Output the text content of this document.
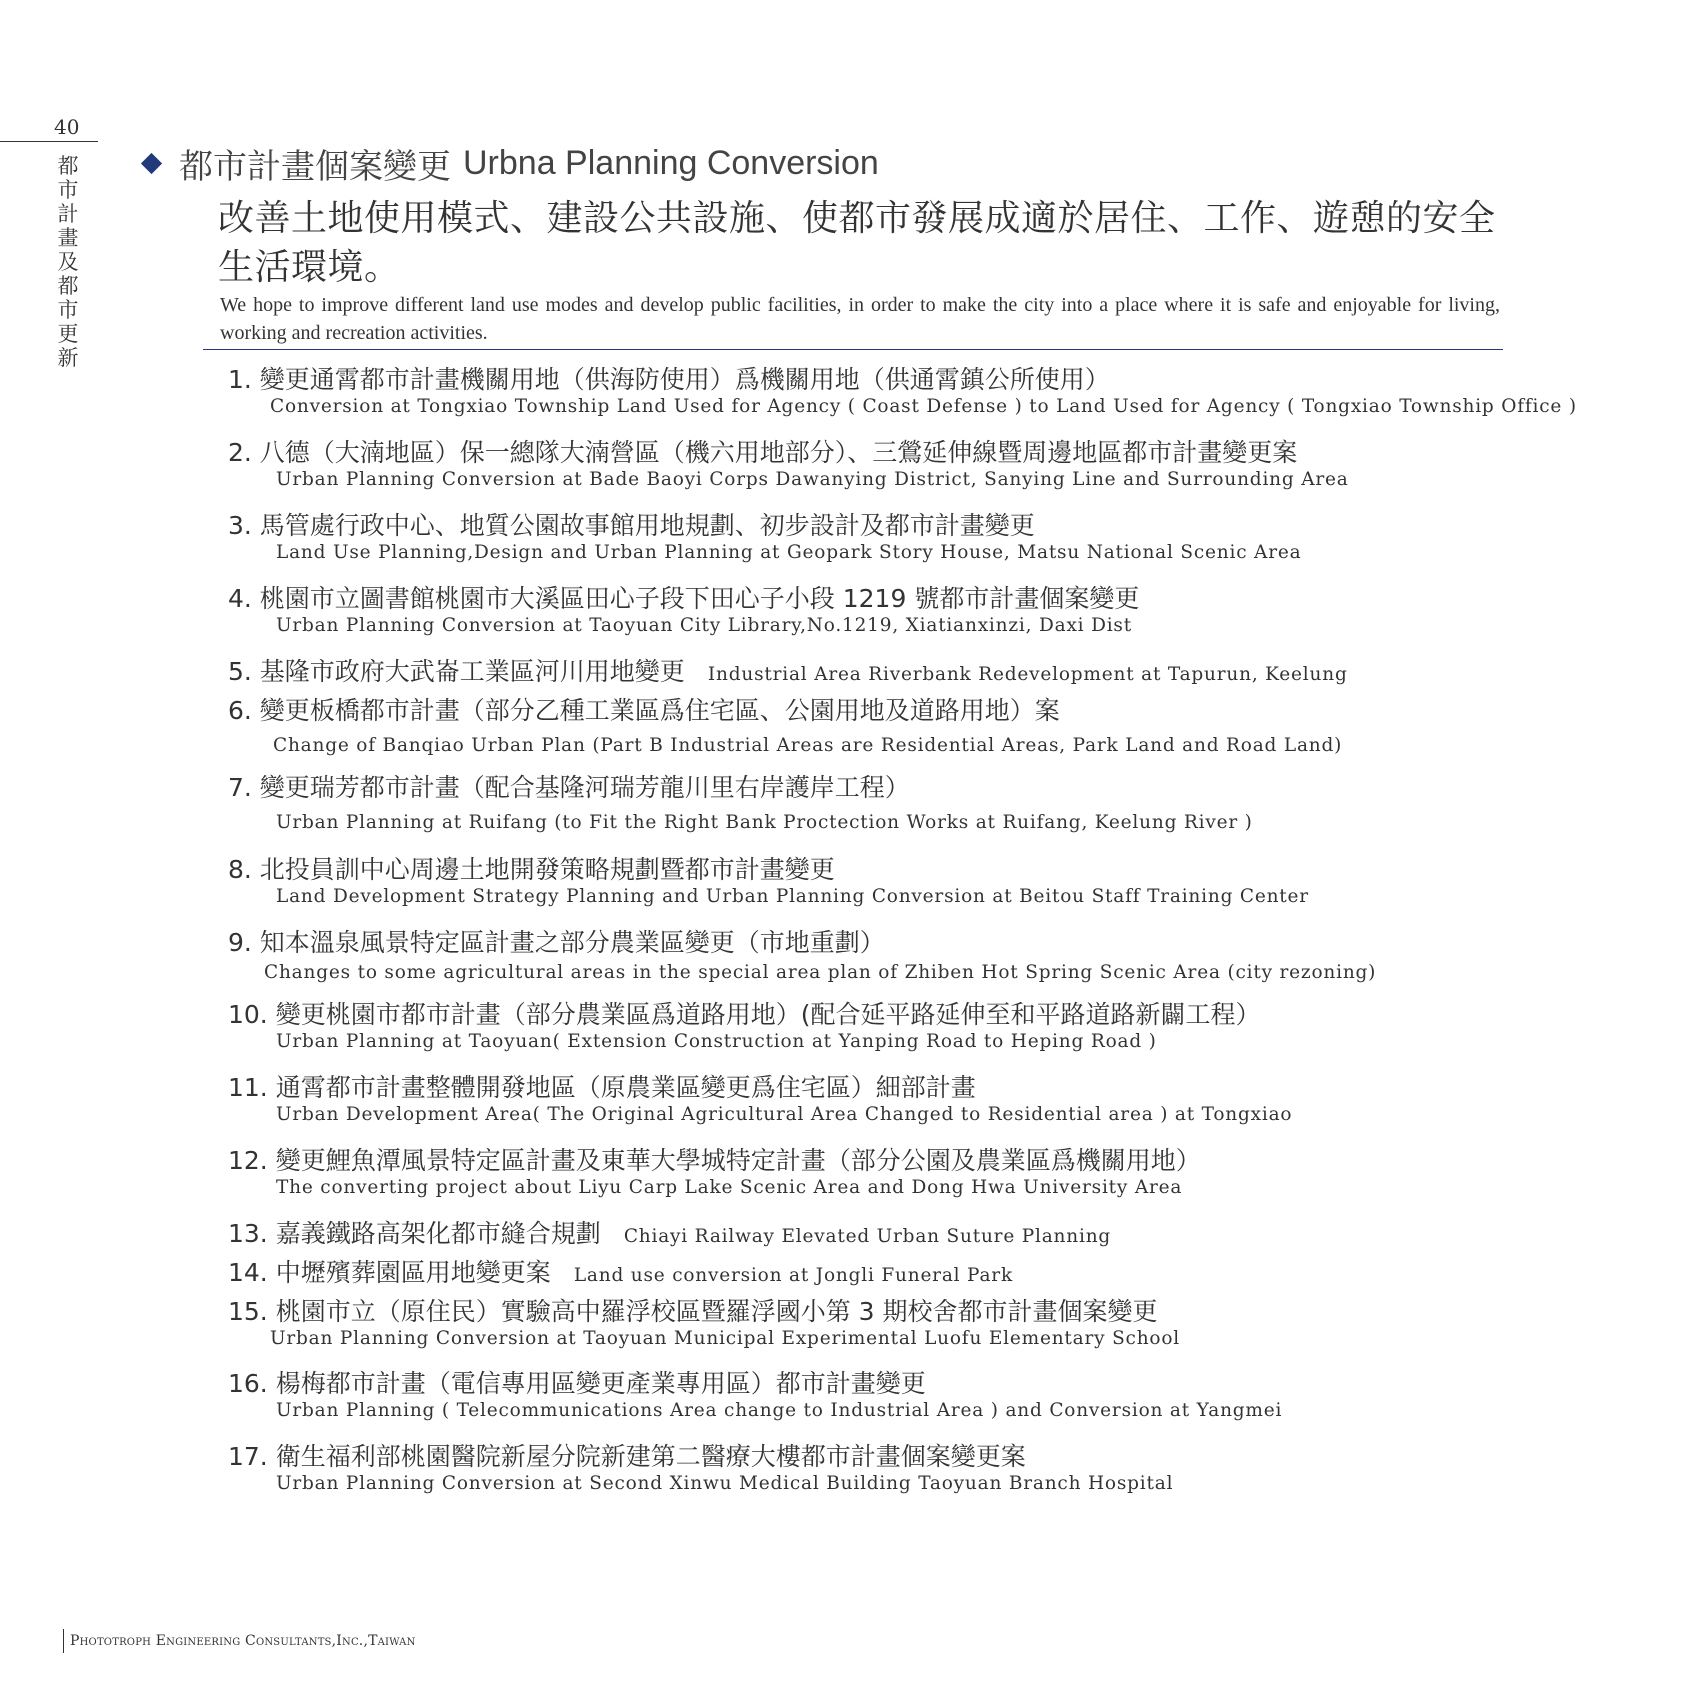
40
都市計畫及都市更新
都市計畫個案變更 Urbna Planning Conversion
改善土地使用模式、建設公共設施、使都市發展成適於居住、工作、遊憩的安全生活環境。
We hope to improve different land use modes and develop public facilities, in order to make the city into a place where it is safe and enjoyable for living, working and recreation activities.
1. 變更通霄都市計畫機關用地（供海防使用）爲機關用地（供通霄鎮公所使用）
Conversion at Tongxiao Township Land Used for Agency ( Coast Defense ) to Land Used for Agency ( Tongxiao Township Office )
2. 八德（大湳地區）保一總隊大湳營區（機六用地部分）、三鶯延伸線暨周邊地區都市計畫變更案
Urban Planning Conversion at Bade Baoyi Corps Dawanying District, Sanying Line and Surrounding Area
3. 馬管處行政中心、地質公園故事館用地規劃、初步設計及都市計畫變更
Land Use Planning,Design and Urban Planning at Geopark Story House, Matsu National Scenic Area
4. 桃園市立圖書館桃園市大溪區田心子段下田心子小段 1219 號都市計畫個案變更
Urban Planning Conversion at Taoyuan City Library,No.1219, Xiatianxinzi, Daxi Dist
5. 基隆市政府大武崙工業區河川用地變更 Industrial Area Riverbank Redevelopment at Tapurun, Keelung
6. 變更板橋都市計畫（部分乙種工業區爲住宅區、公園用地及道路用地）案
Change of Banqiao Urban Plan (Part B Industrial Areas are Residential Areas, Park Land and Road Land)
7. 變更瑞芳都市計畫（配合基隆河瑞芳龍川里右岸護岸工程）
Urban Planning at Ruifang (to Fit the Right Bank Proctection Works at Ruifang, Keelung River )
8. 北投員訓中心周邊土地開發策略規劃暨都市計畫變更
Land Development Strategy Planning and Urban Planning Conversion at Beitou Staff Training Center
9. 知本溫泉風景特定區計畫之部分農業區變更（市地重劃）
Changes to some agricultural areas in the special area plan of Zhiben Hot Spring Scenic Area (city rezoning)
10. 變更桃園市都市計畫（部分農業區爲道路用地）(配合延平路延伸至和平路道路新闢工程）
Urban Planning at Taoyuan( Extension Construction at Yanping Road to Heping Road )
11. 通霄都市計畫整體開發地區（原農業區變更爲住宅區）細部計畫
Urban Development Area( The Original Agricultural Area Changed to Residential area ) at Tongxiao
12. 變更鯉魚潭風景特定區計畫及東華大學城特定計畫（部分公園及農業區爲機關用地）
The converting project about Liyu Carp Lake Scenic Area and Dong Hwa University Area
13. 嘉義鐵路高架化都市縫合規劃 Chiayi Railway Elevated Urban Suture Planning
14. 中壢殯葬園區用地變更案 Land use conversion at Jongli Funeral Park
15. 桃園市立（原住民）實驗高中羅浮校區暨羅浮國小第 3 期校舍都市計畫個案變更
Urban Planning Conversion at Taoyuan Municipal Experimental Luofu Elementary School
16. 楊梅都市計畫（電信專用區變更產業專用區）都市計畫變更
Urban Planning ( Telecommunications Area change to Industrial Area ) and Conversion at Yangmei
17. 衛生福利部桃園醫院新屋分院新建第二醫療大樓都市計畫個案變更案
Urban Planning Conversion at Second Xinwu Medical Building Taoyuan Branch Hospital
Phototroph Engineering Consultants,Inc.,Taiwan
